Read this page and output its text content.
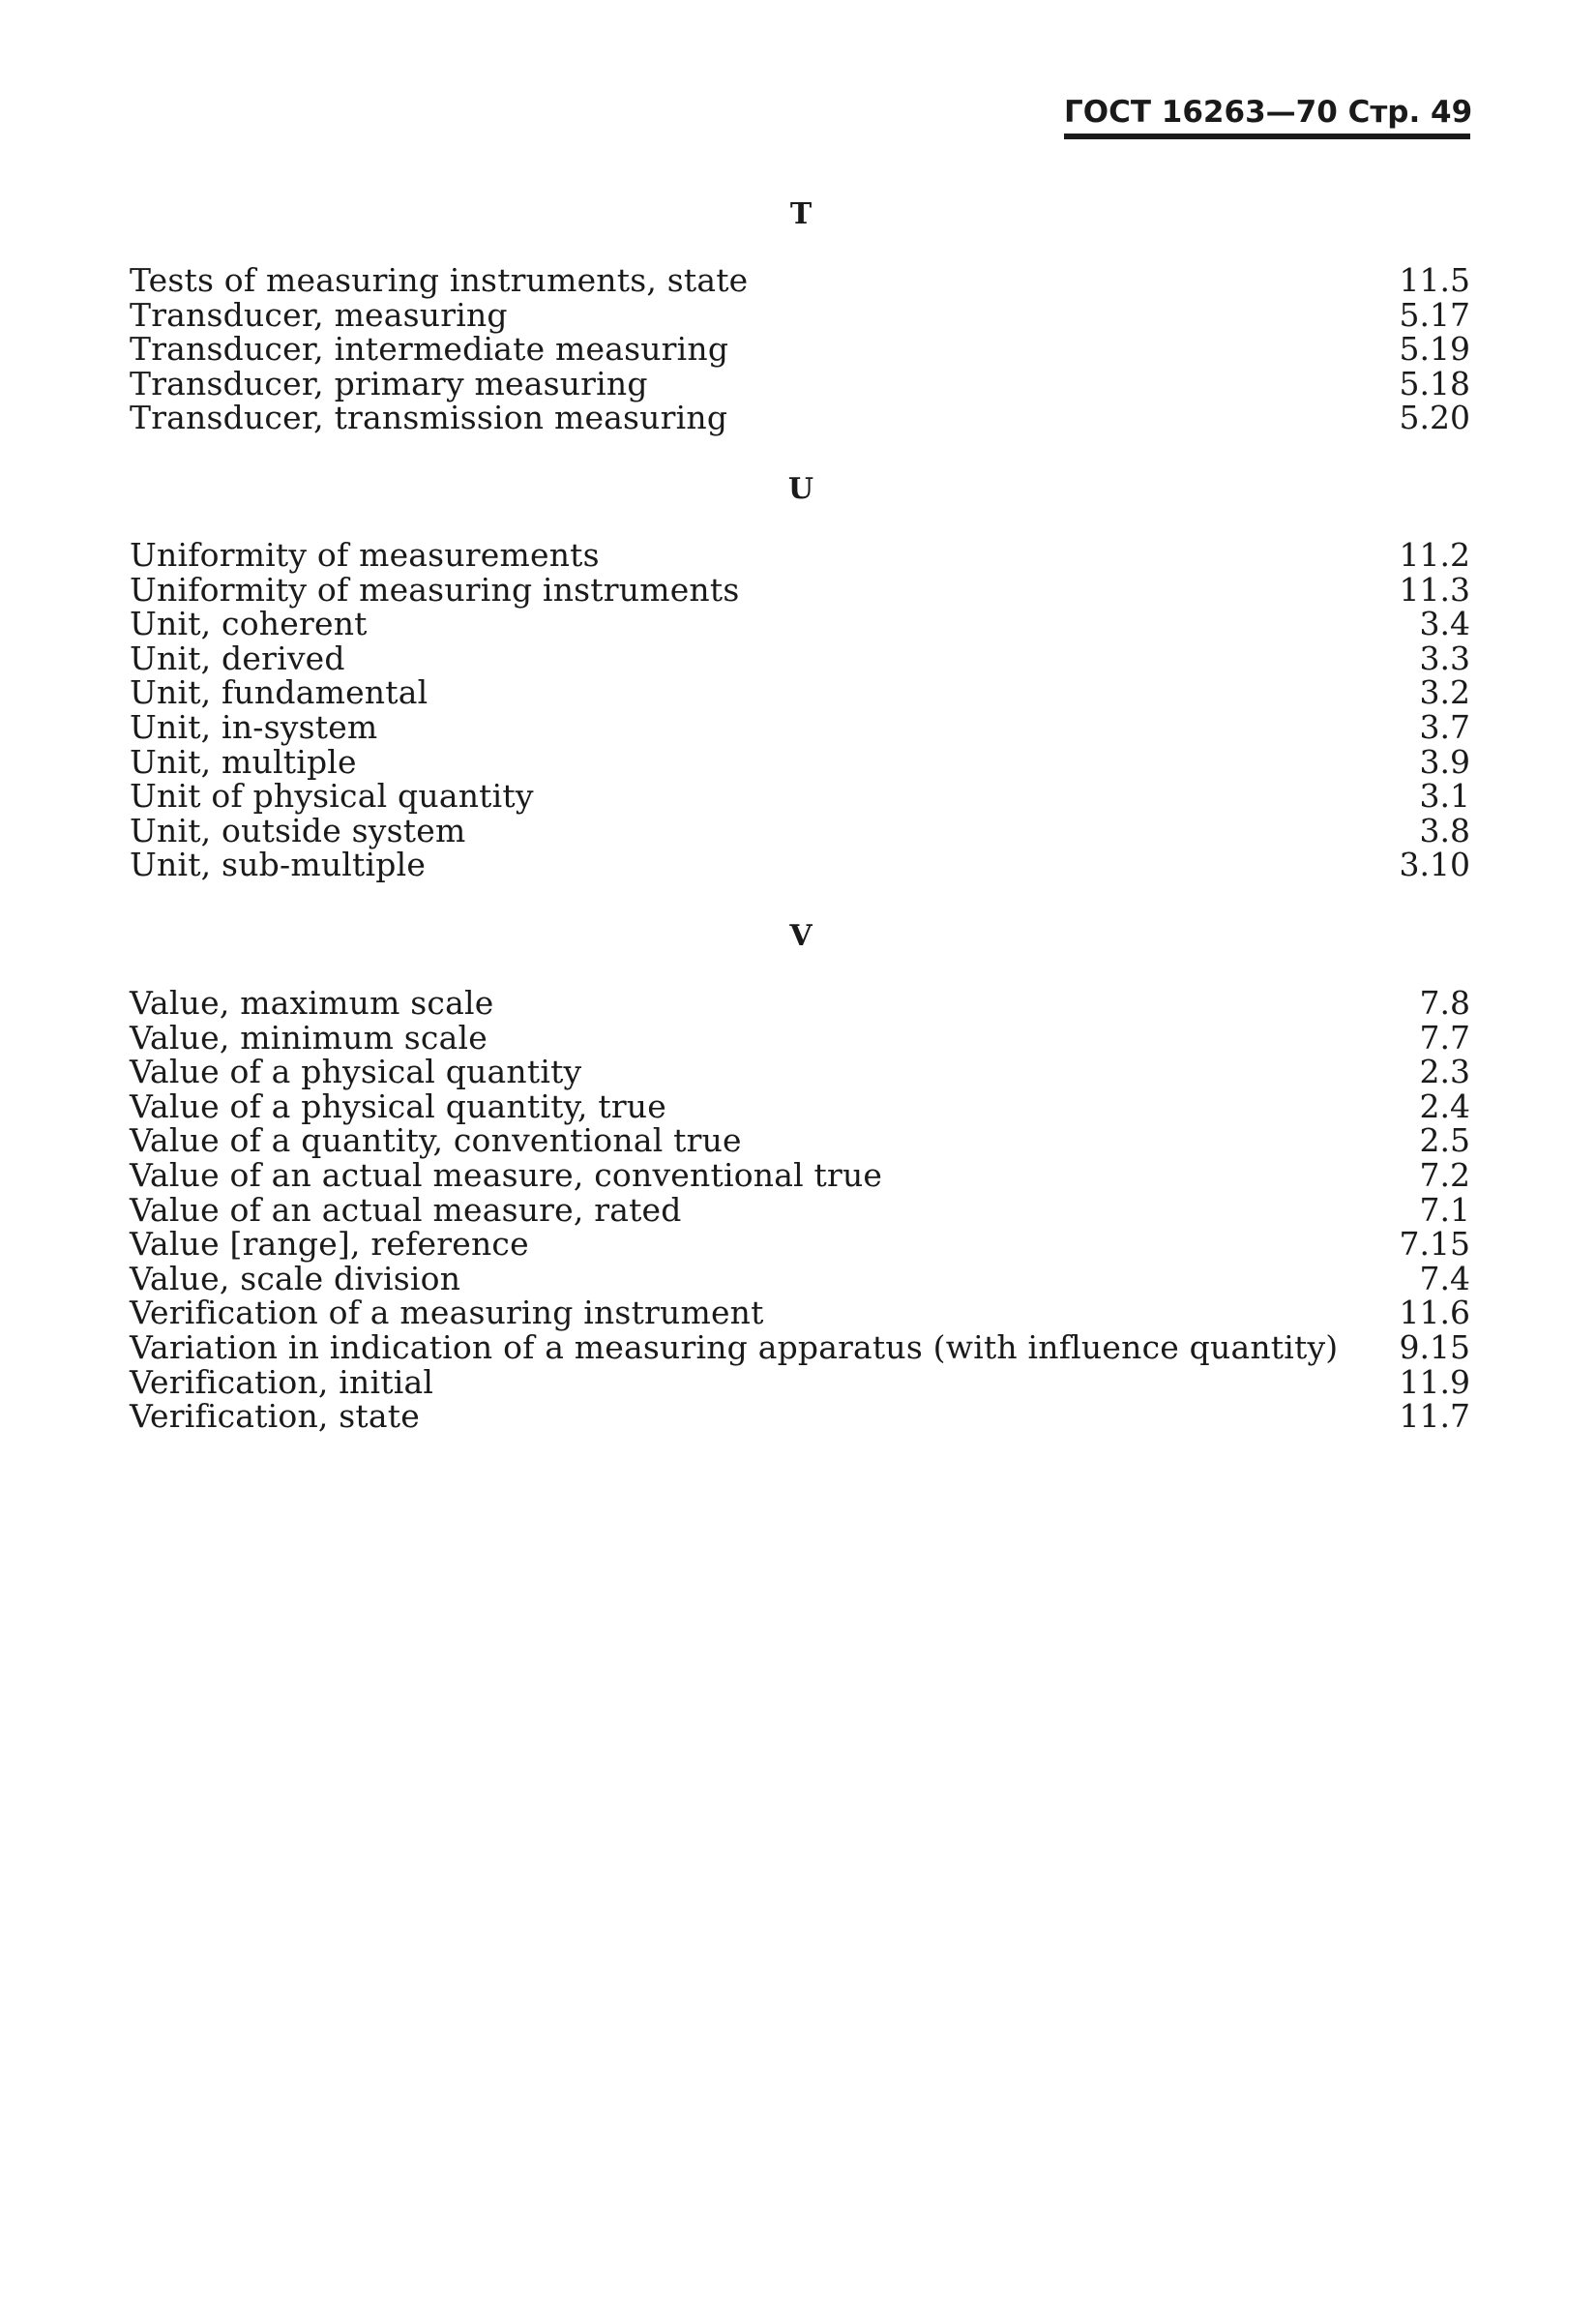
ГОСТ 16263—70 Стр. 49
T
Tests of measuring instruments, state	11.5
Transducer, measuring	5.17
Transducer, intermediate measuring	5.19
Transducer, primary measuring	5.18
Transducer, transmission measuring	5.20
U
Uniformity of measurements	11.2
Uniformity of measuring instruments	11.3
Unit, coherent	3.4
Unit, derived	3.3
Unit, fundamental	3.2
Unit, in-system	3.7
Unit, multiple	3.9
Unit of physical quantity	3.1
Unit, outside system	3.8
Unit, sub-multiple	3.10
V
Value, maximum scale	7.8
Value, minimum scale	7.7
Value of a physical quantity	2.3
Value of a physical quantity, true	2.4
Value of a quantity, conventional true	2.5
Value of an actual measure, conventional true	7.2
Value of an actual measure, rated	7.1
Value [range], reference	7.15
Value, scale division	7.4
Verification of a measuring instrument	11.6
Variation in indication of a measuring apparatus (with influence quantity) 9.15
Verification, initial	11.9
Verification, state	11.7
